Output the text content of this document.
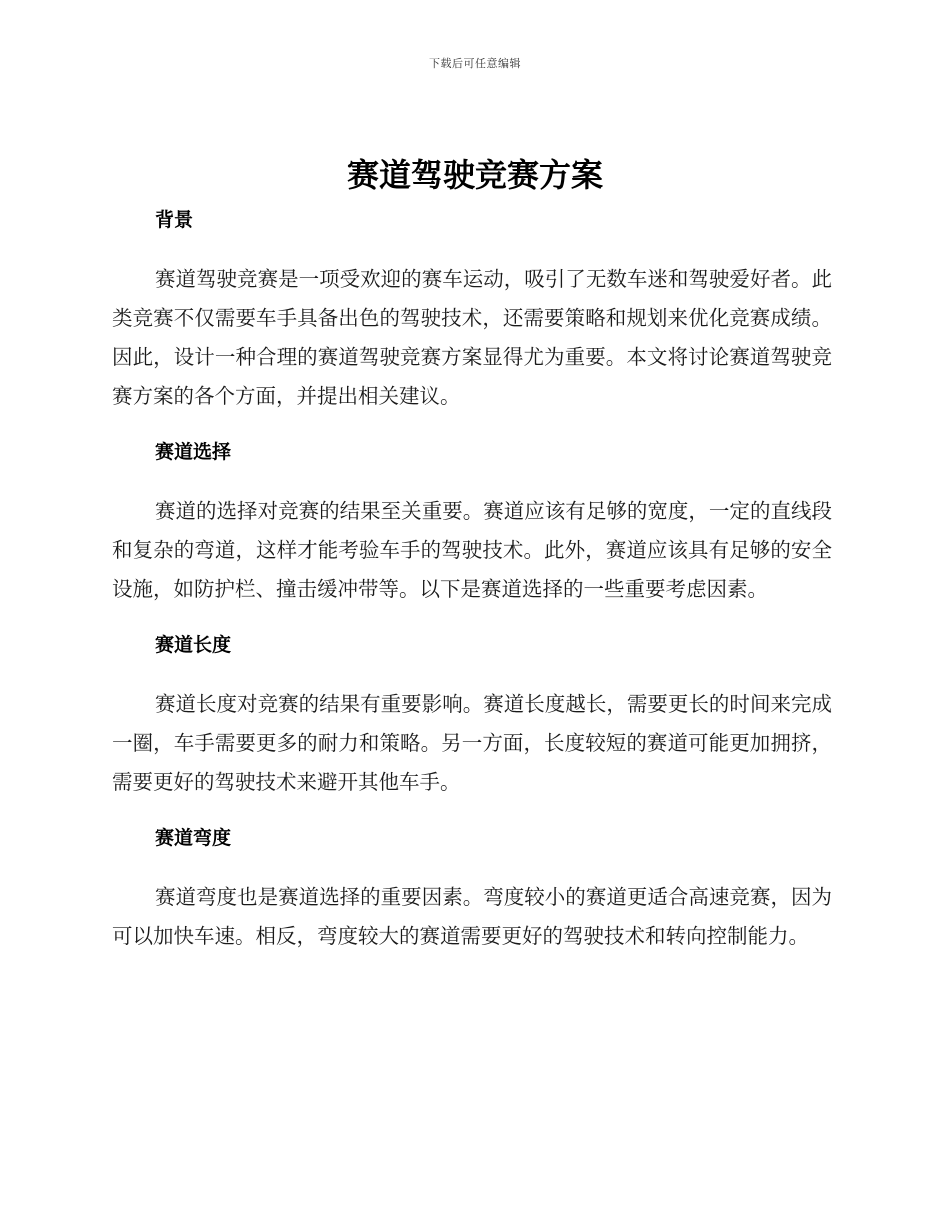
下载后可任意编辑
赛道驾驶竞赛方案
背景

赛道驾驶竞赛是一项受欢迎的赛车运动，吸引了无数车迷和驾驶爱好者。此类竞赛不仅需要车手具备出色的驾驶技术，还需要策略和规划来优化竞赛成绩。因此，设计一种合理的赛道驾驶竞赛方案显得尤为重要。本文将讨论赛道驾驶竞赛方案的各个方面，并提出相关建议。

赛道选择

赛道的选择对竞赛的结果至关重要。赛道应该有足够的宽度，一定的直线段和复杂的弯道，这样才能考验车手的驾驶技术。此外，赛道应该具有足够的安全设施，如防护栏、撞击缓冲带等。以下是赛道选择的一些重要考虑因素。

赛道长度

赛道长度对竞赛的结果有重要影响。赛道长度越长，需要更长的时间来完成一圈，车手需要更多的耐力和策略。另一方面，长度较短的赛道可能更加拥挤，需要更好的驾驶技术来避开其他车手。

赛道弯度

赛道弯度也是赛道选择的重要因素。弯度较小的赛道更适合高速竞赛，因为可以加快车速。相反，弯度较大的赛道需要更好的驾驶技术和转向控制能力。
